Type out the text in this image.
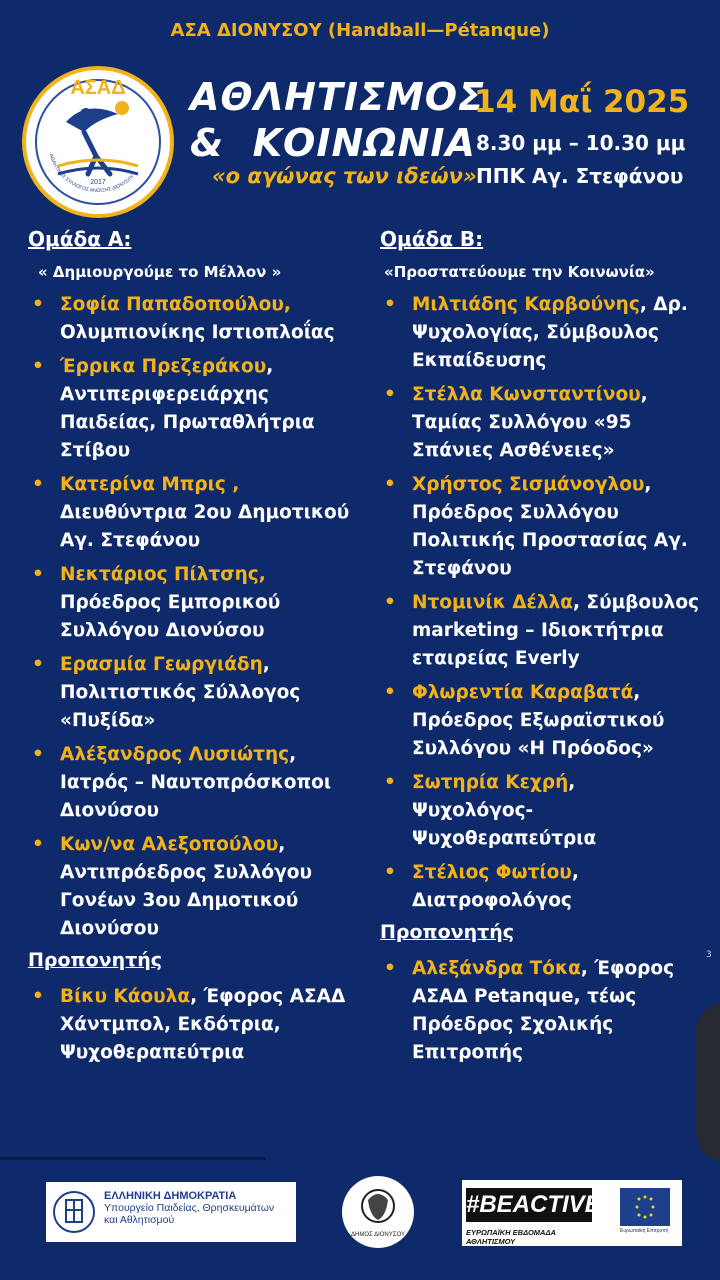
ΑΣΑ ΔΙΟΝΥΣΟΥ (Handball—Pétanque)
ΑΣΑΔ
2017
ΑΘΛΗΤΙΚΟΣ ΣΥΛΛΟΓΟΣ ΑΝΟΙΞΗΣ ΔΙΟΝΥΣΟΥ
ΑΘΛΗΤΙΣΜΟΣ
&  ΚΟΙΝΩΝΙΑ
«ο αγώνας των ιδεών»
14 Μαΐ 2025
8.30 μμ – 10.30 μμ
ΠΠΚ Αγ. Στεφάνου
Ομάδα Α:
« Δημιουργούμε το Μέλλον »
• Σοφία Παπαδοπούλου, Ολυμπιονίκης Ιστιοπλοΐας
• Έρρικα Πρεζεράκου, Αντιπεριφερειάρχης Παιδείας, Πρωταθλήτρια Στίβου
• Κατερίνα Μπρις , Διευθύντρια 2ου Δημοτικού Αγ. Στεφάνου
• Νεκτάριος Πίλτσης, Πρόεδρος Εμπορικού Συλλόγου Διονύσου
• Ερασμία Γεωργιάδη, Πολιτιστικός Σύλλογος «Πυξίδα»
• Αλέξανδρος Λυσιώτης, Ιατρός – Ναυτοπρόσκοποι Διονύσου
• Κων/να Αλεξοπούλου, Αντιπρόεδρος Συλλόγου Γονέων 3ου Δημοτικού Διονύσου
Προπονητής
• Βίκυ Κάουλα, Έφορος ΑΣΑΔ Χάντμπολ, Εκδότρια, Ψυχοθεραπεύτρια
Ομάδα Β:
«Προστατεύουμε την Κοινωνία»
• Μιλτιάδης Καρβούνης, Δρ. Ψυχολογίας, Σύμβουλος Εκπαίδευσης
• Στέλλα Κωνσταντίνου, Ταμίας Συλλόγου «95 Σπάνιες Ασθένειες»
• Χρήστος Σισμάνογλου, Πρόεδρος Συλλόγου Πολιτικής Προστασίας Αγ. Στεφάνου
• Ντομινίκ Δέλλα, Σύμβουλος marketing – Ιδιοκτήτρια εταιρείας Everly
• Φλωρεντία Καραβατά, Πρόεδρος Εξωραϊστικού Συλλόγου «Η Πρόοδος»
• Σωτηρία Κεχρή, Ψυχολόγος-Ψυχοθεραπεύτρια
• Στέλιος Φωτίου, Διατροφολόγος
Προπονητής
• Αλεξάνδρα Τόκα, Έφορος ΑΣΑΔ Petanque, τέως Πρόεδρος Σχολικής Επιτροπής
3
ΕΛΛΗΝΙΚΗ ΔΗΜΟΚΡΑΤΙΑ
Υπουργείο Παιδείας, Θρησκευμάτων
και Αθλητισμού
ΔΗΜΟΣ ΔΙΟΝΥΣΟΥ
#BEACTIVE
ΕΥΡΩΠΑΪΚΗ ΕΒΔΟΜΑΔΑ ΑΘΛΗΤΙΣΜΟΥ
Ευρωπαϊκή Επιτροπή
